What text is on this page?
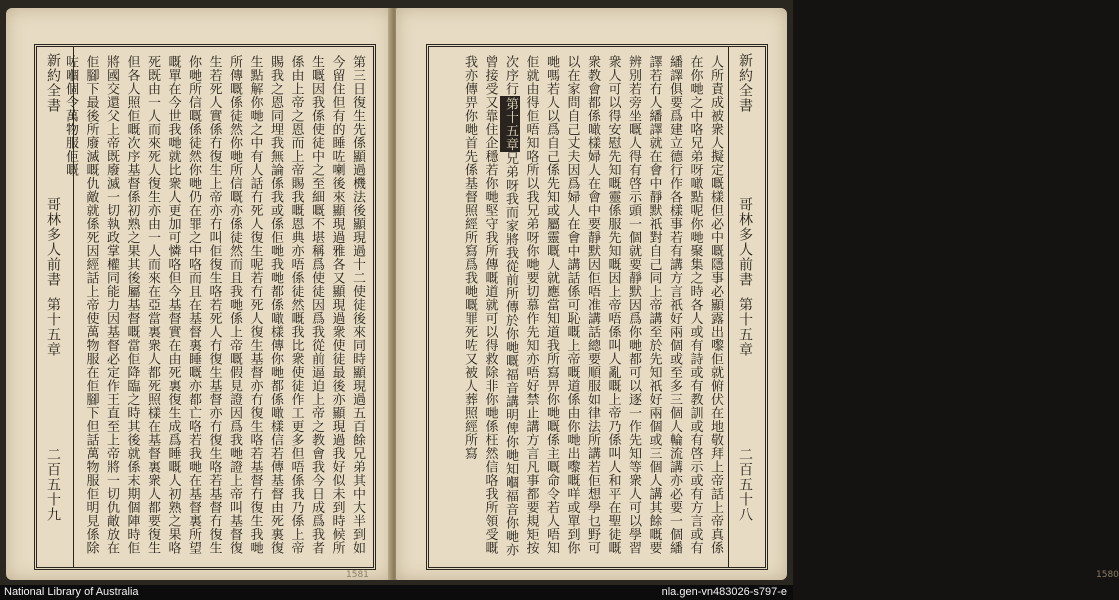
新約全書
哥林多人前書
第十五章
二百五十九	第三日復生先係顯過機法後顯現過十二使徒後來同時顯現過五百餘兄弟其中大半到如今留住但有的睡咗喇後來顯現過雅各又顯現過衆使徒最後亦顯現過我好似未到時候所生嘅因我係使徒中之至細嘅不堪稱爲使徒因爲我從前逼迫上帝之教會我今日成爲我者係由上帝之恩而上帝賜我嘅恩典亦唔係徒然嘅我比衆使徒作工更多但唔係我乃係上帝賜我之恩同埋我無論係我或係佢哋我哋都係噉樣傳你哋都係噉樣信若傳基督由死裏復生點解你哋之中有人話冇死人復生呢若冇死人復生基督亦冇復生咯若基督冇復生我哋所傳嘅係徒然你哋所信嘅亦係徒然而且我哋係上帝嘅假見證因爲我哋證上帝叫基督復生若死人實係冇復生上帝亦冇叫佢復生咯若死人冇復生基督亦冇復生咯若基督冇復生你哋所信嘅係徒然你哋仍在罪之中咯而且在基督裏睡嘅亦都亡咯若我哋在基督裏所望嘅單在今世我哋就比衆人更加可憐咯但今基督實在由死裏復生成爲睡嘅人初熟之果咯死既由一人而來死人復生亦由一人而來在亞當裏衆人都死照樣在基督裏衆人都要復生但各人照佢嘅次序基督係初熟之果其後屬基督嘅當佢降臨之時其後就係末期個陣時佢將國交還父上帝既廢滅一切執政掌權同能力因基督必定作王直至上帝將一切仇敵放在佢腳下最後所廢滅嘅仇敵就係死因經話上帝使萬物服在佢腳下但話萬物服佢明見係除咗嗰個令萬物服佢嘅
1581
新約全書
哥林多人前書
第十五章
二百五十八
人所責成被衆人擬定嘅樣但必中嘅隱事必顯露出嚟佢就俯伏在地敬拜上帝話上帝真係在你哋之中咯兄弟呀噉點呢你哋聚集之時各人或有詩或有教訓或有啓示或有方言或有繙譯俱要爲建立德行作各樣事若有講方言祇好兩個或至多三個人輪流講亦必要一個繙譯若冇人繙譯就在會中靜默祇對自己同上帝講至於先知祇好兩個或三個人講其餘嘅要辨別若旁坐嘅人得有啓示頭一個就要靜默因爲你哋都可以逐一作先知等衆人可以學習衆人可以得安慰先知嘅靈係服先知嘅因上帝唔係叫人亂嘅上帝乃係叫人和平在聖徒嘅衆教會都係噉樣婦人在會中要靜默因佢唔准講話總要順服如律法所講若佢想學乜野可以在家問自己丈夫因爲婦人在會中講話係可恥嘅上帝嘅道係由你哋出嚟嘅咩或單到你哋嗎若人以爲自己係先知或屬靈嘅人就應當知道我所寫畀你哋嘅係主嘅命令若人唔知佢就由得佢唔知咯所以我兄弟呀你哋要切慕作先知亦唔好禁止講方言凡事都要規矩按次序行第十五章兄弟呀我而家將我從前所傳於你哋嘅福音講明俾你哋知嗰福音你哋亦曾接受又靠住企穩若你哋堅守我所傳嘅道就可以得救除非你哋係枉然信咯我所領受嘅我亦傳畀你哋首先係基督照經所寫爲我哋嘅罪死咗又被人葬照經所寫
1580
National Library of Australia	nla.gen-vn483026-s797-e
